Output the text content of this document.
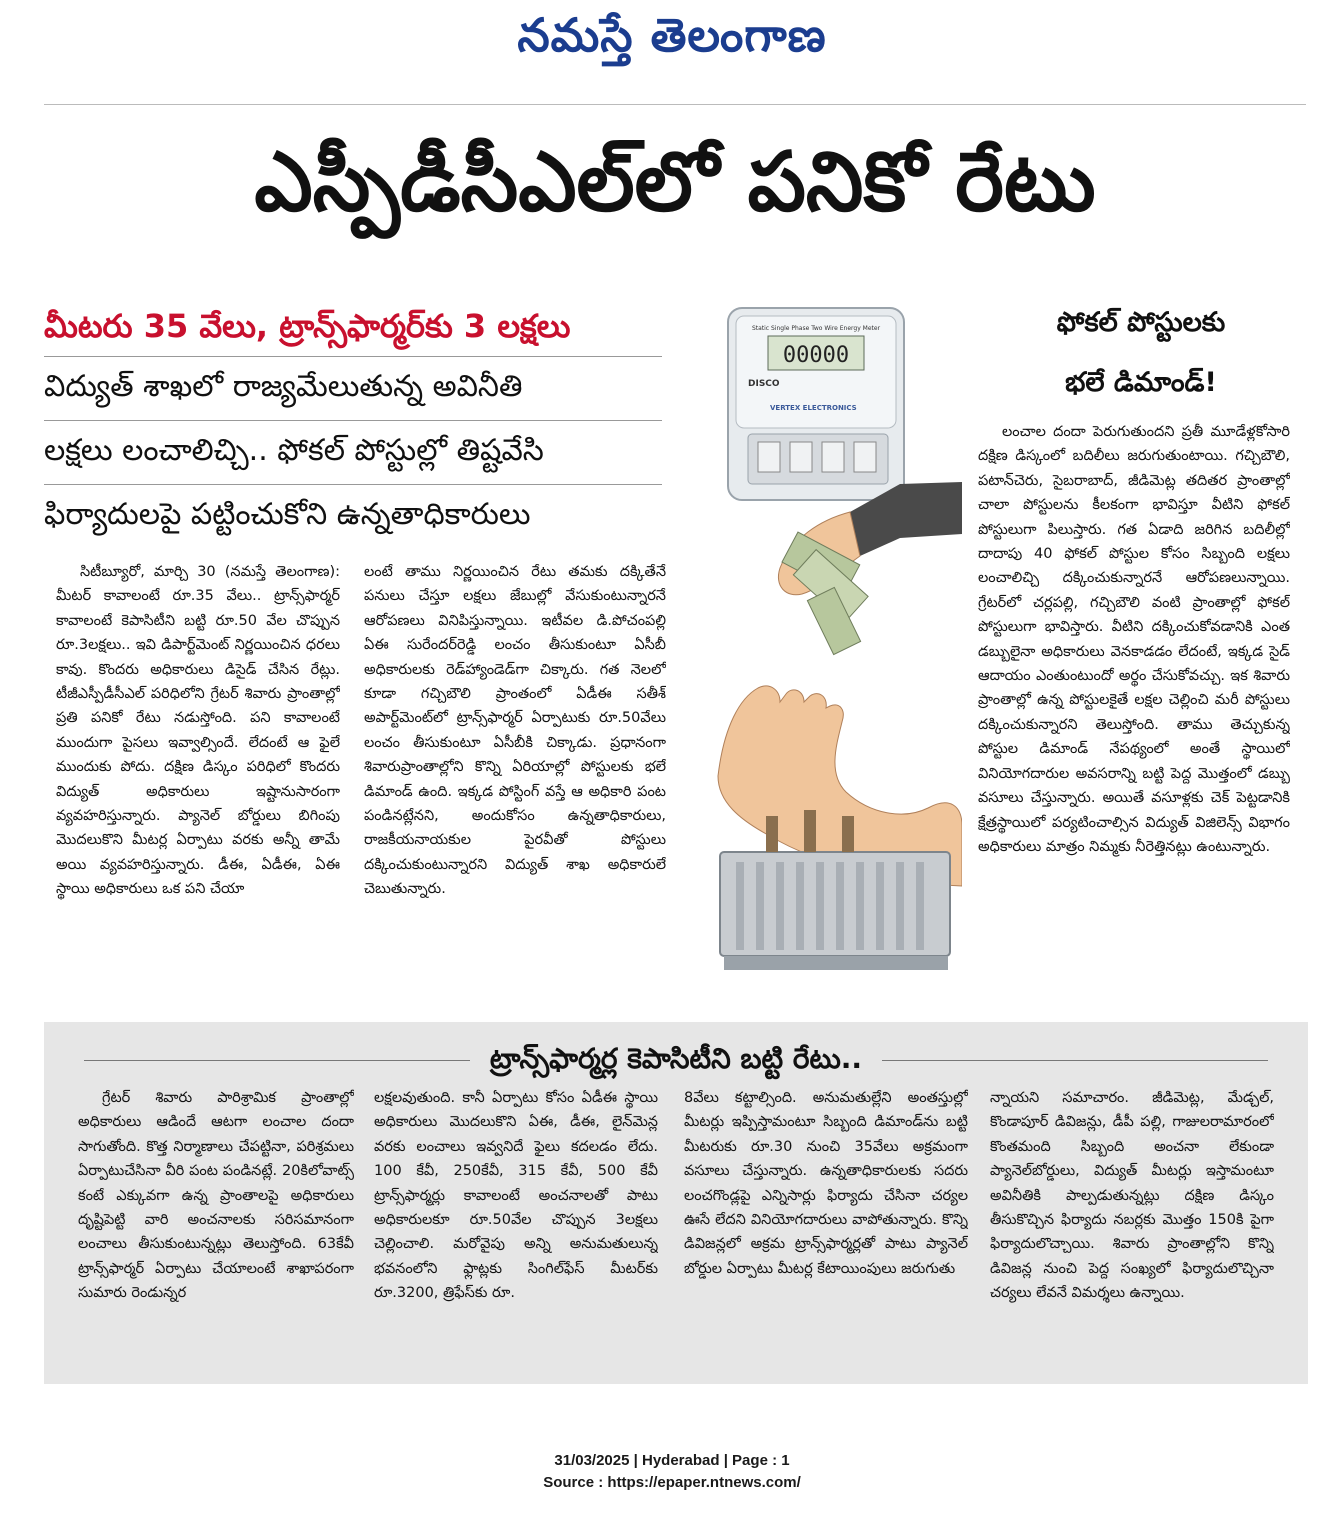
నమస్తే తెలంగాణ
ఎస్పీడీసీఎల్‌లో పనికో రేటు
మీటరు 35 వేలు, ట్రాన్స్‌ఫార్మర్‌కు 3 లక్షలు
విద్యుత్‌ శాఖలో రాజ్యమేలుతున్న అవినీతి
లక్షలు లంచాలిచ్చి.. ఫోకల్‌ పోస్టుల్లో తిష్టవేసి
ఫిర్యాదులపై పట్టించుకోని ఉన్నతాధికారులు

సిటీబ్యూరో, మార్చి 30 (నమస్తే తెలంగాణ): మీటర్‌ కావాలంటే రూ.35 వేలు.. ట్రాన్స్‌ఫార్మర్‌ కావాలంటే కెపాసిటీని బట్టి రూ.50 వేల చొప్పున రూ.3లక్షలు.. ఇవి డిపార్ట్‌మెంట్‌ నిర్ణయించిన ధరలు కావు. కొందరు అధికారులు డిసైడ్‌ చేసిన రేట్లు. టీజీఎస్పీడీసీఎల్‌ పరిధిలోని గ్రేటర్‌ శివారు ప్రాంతాల్లో ప్రతి పనికో రేటు నడుస్తోంది. పని కావాలంటే ముందుగా పైసలు ఇవ్వాల్సిందే. లేదంటే ఆ ఫైలే ముందుకు పోదు. దక్షిణ డిస్కం పరిధిలో కొందరు విద్యుత్‌ అధికారులు ఇష్టానుసారంగా వ్యవహరిస్తున్నారు. ప్యానెల్‌ బోర్డులు బిగింపు మొదలుకొని మీటర్ల ఏర్పాటు వరకు అన్నీ తామే అయి వ్యవహరిస్తున్నారు. డీఈ, ఏడీఈ, ఏఈ స్థాయి అధికారులు ఒక పని చేయా

లంటే తాము నిర్ణయించిన రేటు తమకు దక్కితేనే పనులు చేస్తూ లక్షలు జేబుల్లో వేసుకుంటున్నారనే ఆరోపణలు వినిపిస్తున్నాయి. ఇటీవల డి.పోచంపల్లి ఏఈ సురేందర్‌రెడ్డి లంచం తీసుకుంటూ ఏసీబీ అధికారులకు రెడ్‌హ్యాండెడ్‌గా చిక్కారు. గత నెలలో కూడా గచ్చిబౌలి ప్రాంతంలో ఏడీఈ సతీశ్‌ అపార్ట్‌మెంట్‌లో ట్రాన్స్‌ఫార్మర్‌ ఏర్పాటుకు రూ.50వేలు లంచం తీసుకుంటూ ఏసీబీకి చిక్కాడు. ప్రధానంగా శివారుప్రాంతాల్లోని కొన్ని ఏరియాల్లో పోస్టులకు భలే డిమాండ్‌ ఉంది. ఇక్కడ పోస్టింగ్‌ వస్తే ఆ అధికారి పంట పండినట్లేనని, అందుకోసం ఉన్నతాధికారులు, రాజకీయనాయకుల పైరవీతో పోస్టులు దక్కించుకుంటున్నారని విద్యుత్‌ శాఖ అధికారులే చెబుతున్నారు.

Static Single Phase Two Wire Energy Meter
00000
DISCO
VERTEX ELECTRONICS
ఫోకల్‌ పోస్టులకు
భలే డిమాండ్‌!

లంచాల దందా పెరుగుతుందని ప్రతీ మూడేళ్లకోసారి దక్షిణ డిస్కంలో బదిలీలు జరుగుతుంటాయి. గచ్చిబౌలి, పటాన్‌చెరు, సైబరాబాద్‌, జీడిమెట్ల తదితర ప్రాంతాల్లో చాలా పోస్టులను కీలకంగా భావిస్తూ వీటిని ఫోకల్‌ పోస్టులుగా పిలుస్తారు. గత ఏడాది జరిగిన బదిలీల్లో దాదాపు 40 ఫోకల్‌ పోస్టుల కోసం సిబ్బంది లక్షలు లంచాలిచ్చి దక్కించుకున్నారనే ఆరోపణలున్నాయి. గ్రేటర్‌లో చర్లపల్లి, గచ్చిబౌలి వంటి ప్రాంతాల్లో ఫోకల్‌ పోస్టులుగా భావిస్తారు. వీటిని దక్కించుకోవడానికి ఎంత డబ్బులైనా అధికారులు వెనకాడడం లేదంటే, ఇక్కడ సైడ్‌ ఆదాయం ఎంతుంటుందో అర్థం చేసుకోవచ్చు. ఇక శివారు ప్రాంతాల్లో ఉన్న పోస్టులకైతే లక్షల చెల్లించి మరీ పోస్టులు దక్కించుకున్నారని తెలుస్తోంది. తాము తెచ్చుకున్న పోస్టుల డిమాండ్‌ నేపథ్యంలో అంతే స్థాయిలో వినియోగదారుల అవసరాన్ని బట్టి పెద్ద మొత్తంలో డబ్బు వసూలు చేస్తున్నారు. అయితే వసూళ్లకు చెక్‌ పెట్టడానికి క్షేత్రస్థాయిలో పర్యటించాల్సిన విద్యుత్‌ విజిలెన్స్‌ విభాగం అధికారులు మాత్రం నిమ్మకు నీరెత్తినట్లు ఉంటున్నారు.

ట్రాన్స్‌ఫార్మర్ల కెపాసిటీని బట్టి రేటు..

గ్రేటర్‌ శివారు పారిశ్రామిక ప్రాంతాల్లో అధికారులు ఆడిందే ఆటగా లంచాల దందా సాగుతోంది. కొత్త నిర్మాణాలు చేపట్టినా, పరిశ్రమలు ఏర్పాటుచేసినా వీరి పంట పండినట్లే. 20కిలోవాట్స్‌ కంటే ఎక్కువగా ఉన్న ప్రాంతాలపై అధికారులు దృష్టిపెట్టి వారి అంచనాలకు సరిసమానంగా లంచాలు తీసుకుంటున్నట్లు తెలుస్తోంది. 63కేవీ ట్రాన్స్‌ఫార్మర్‌ ఏర్పాటు చేయాలంటే శాఖాపరంగా సుమారు రెండున్నర

లక్షలవుతుంది. కానీ ఏర్పాటు కోసం ఏడీఈ స్థాయి అధికారులు మొదలుకొని ఏఈ, డీఈ, లైన్‌మెన్ల వరకు లంచాలు ఇవ్వనిదే ఫైలు కదలడం లేదు. 100 కేవీ, 250కేవీ, 315 కేవీ, 500 కేవీ ట్రాన్స్‌ఫార్మర్లు కావాలంటే అంచనాలతో పాటు అధికారులకూ రూ.50వేల చొప్పున 3లక్షలు చెల్లించాలి. మరోవైపు అన్ని అనుమతులున్న భవనంలోని ఫ్లాట్లకు సింగిల్‌ఫేస్‌ మీటర్‌కు రూ.3200, త్రిఫేస్‌కు రూ.

8వేలు కట్టాల్సింది. అనుమతుల్లేని అంతస్తుల్లో మీటర్లు ఇప్పిస్తామంటూ సిబ్బంది డిమాండ్‌ను బట్టి మీటరుకు రూ.30 నుంచి 35వేలు అక్రమంగా వసూలు చేస్తున్నారు. ఉన్నతాధికారులకు సదరు లంచగొండ్లపై ఎన్నిసార్లు ఫిర్యాదు చేసినా చర్యల ఊసే లేదని వినియోగదారులు వాపోతున్నారు. కొన్ని డివిజన్లలో అక్రమ ట్రాన్స్‌ఫార్మర్లతో పాటు ప్యానెల్‌ బోర్డుల ఏర్పాటు మీటర్ల కేటాయింపులు జరుగుతు

న్నాయని సమాచారం. జీడిమెట్ల, మేడ్చల్‌, కొండాపూర్‌ డివిజన్లు, డీపీ పల్లి, గాజులరామారంలో కొంతమంది సిబ్బంది అంచనా లేకుండా ప్యానెల్‌బోర్డులు, విద్యుత్‌ మీటర్లు ఇస్తామంటూ అవినీతికి పాల్పడుతున్నట్లు దక్షిణ డిస్కం తీసుకొచ్చిన ఫిర్యాదు నబర్లకు మొత్తం 150కి పైగా ఫిర్యాదులొచ్చాయి. శివారు ప్రాంతాల్లోని కొన్ని డివిజన్ల నుంచి పెద్ద సంఖ్యలో ఫిర్యాదులొచ్చినా చర్యలు లేవనే విమర్శలు ఉన్నాయి.

31/03/2025 | Hyderabad | Page : 1
Source : https://epaper.ntnews.com/
